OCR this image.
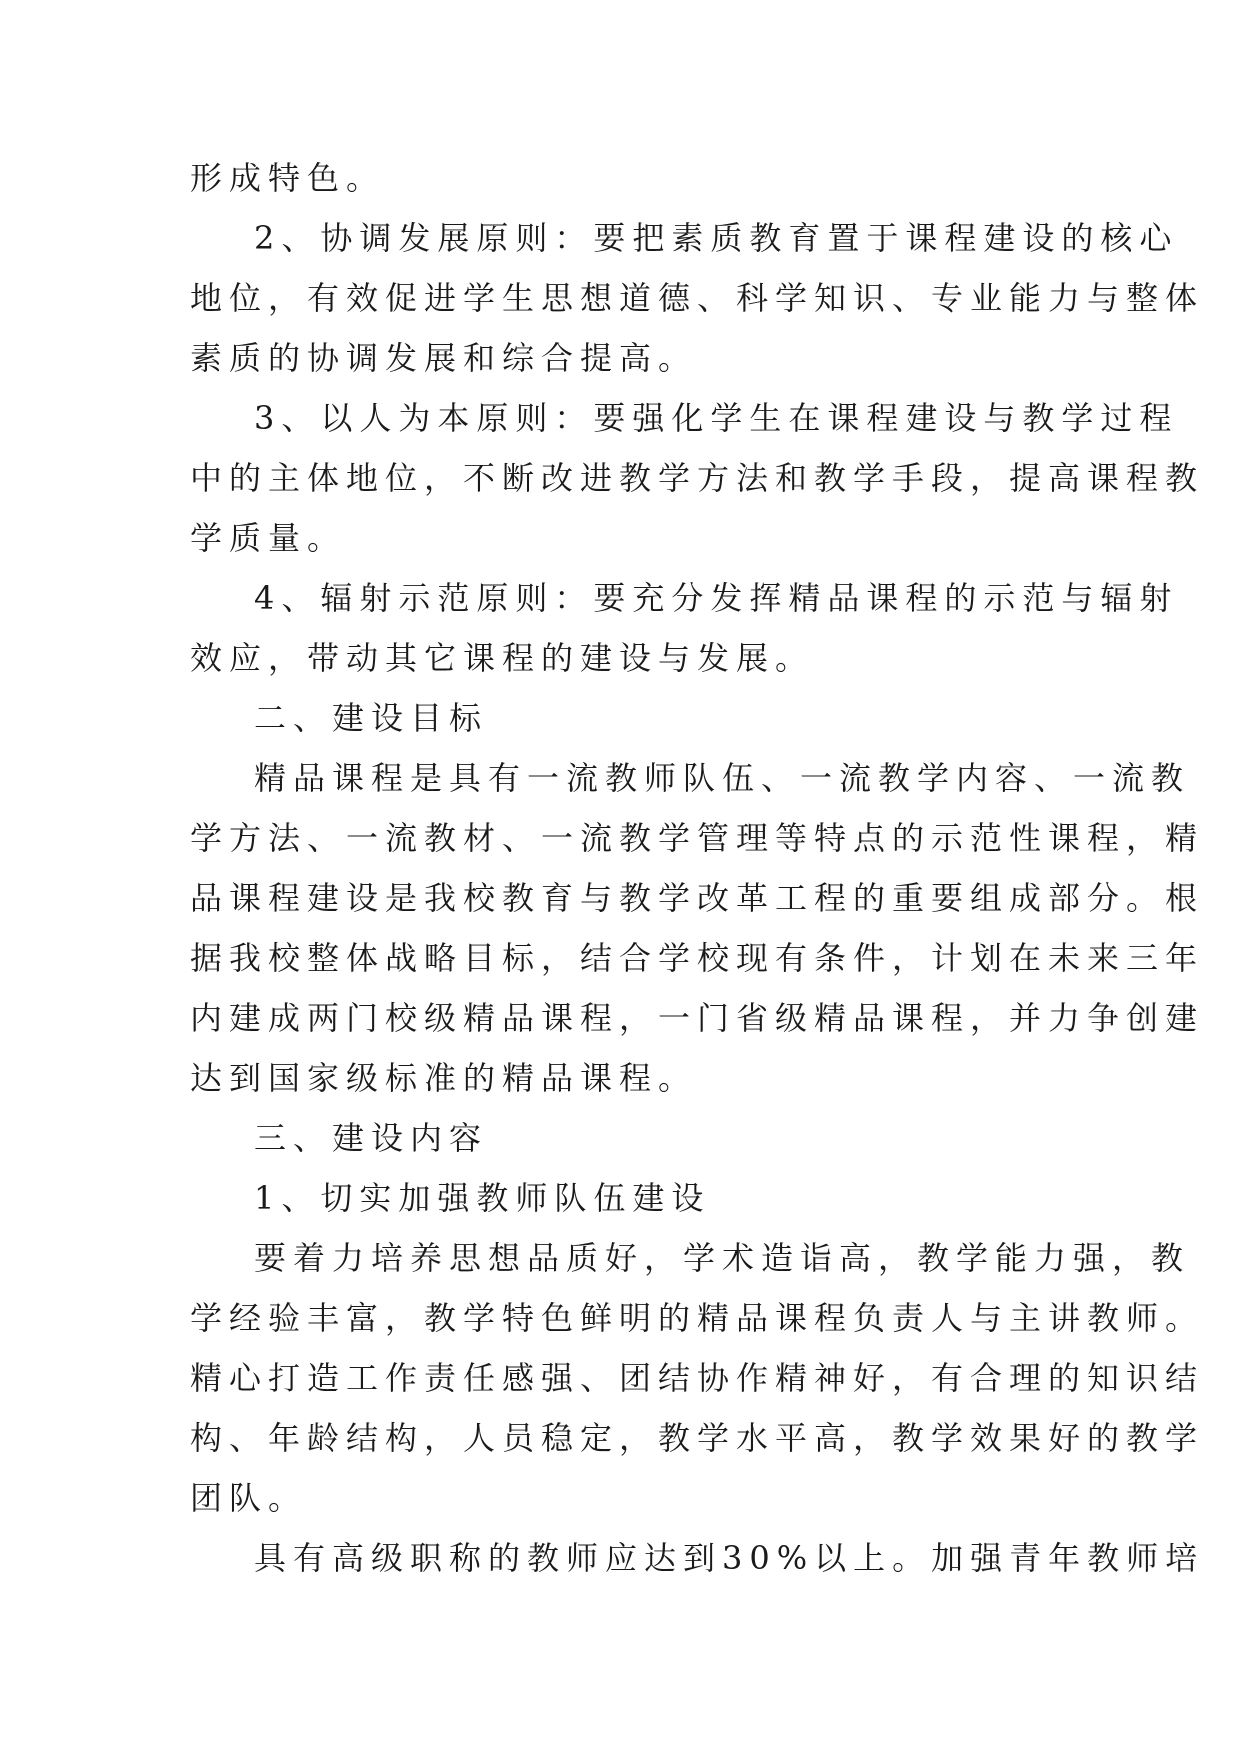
形成特色。
2、协调发展原则：要把素质教育置于课程建设的核心
地位，有效促进学生思想道德、科学知识、专业能力与整体
素质的协调发展和综合提高。
3、以人为本原则：要强化学生在课程建设与教学过程
中的主体地位，不断改进教学方法和教学手段，提高课程教
学质量。
4、辐射示范原则：要充分发挥精品课程的示范与辐射
效应，带动其它课程的建设与发展。
二、建设目标
精品课程是具有一流教师队伍、一流教学内容、一流教
学方法、一流教材、一流教学管理等特点的示范性课程，精
品课程建设是我校教育与教学改革工程的重要组成部分。根
据我校整体战略目标，结合学校现有条件，计划在未来三年
内建成两门校级精品课程，一门省级精品课程，并力争创建
达到国家级标准的精品课程。
三、建设内容
1、切实加强教师队伍建设
要着力培养思想品质好，学术造诣高，教学能力强，教
学经验丰富，教学特色鲜明的精品课程负责人与主讲教师。
精心打造工作责任感强、团结协作精神好，有合理的知识结
构、年龄结构，人员稳定，教学水平高，教学效果好的教学
团队。
具有高级职称的教师应达到30%以上。加强青年教师培
